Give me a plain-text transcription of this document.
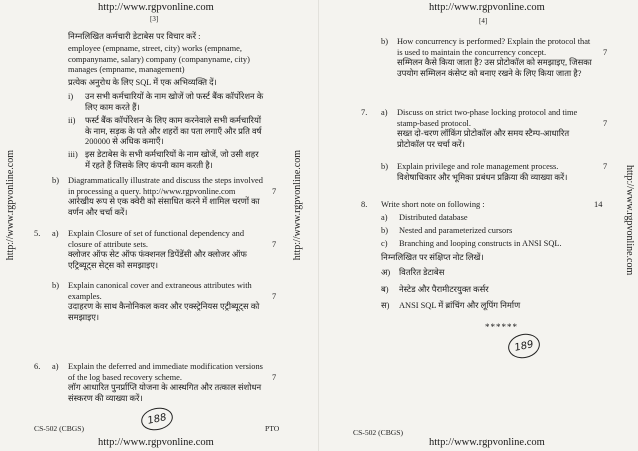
http://www.rgpvonline.com
[3]
http://www.rgpvonline.com
निम्नलिखित कर्मचारी डेटाबेस पर विचार करें :
employee (empname, street, city) works (empname,
companyname, salary) company (companyname, city)
manages (empname, management)
प्रत्येक अनुरोध के लिए SQL में एक अभिव्यक्ति दें।
i) उन सभी कर्मचारियों के नाम खोजें जो फर्स्ट बैंक कॉर्पोरेशन के
लिए काम करते हैं।
ii) फर्स्ट बैंक कॉर्पोरेशन के लिए काम करनेवाले सभी कर्मचारियों
के नाम, सड़क के पते और शहरों का पता लगाएँ और प्रति वर्ष
200000 से अधिक कमाएँ।
iii) इस डेटाबेस के सभी कर्मचारियों के नाम खोजें, जो उसी शहर
में रहते हैं जिसके लिए कंपनी काम करती है।
b) Diagrammatically illustrate and discuss the steps involved
in processing a query. http://www.rgpvonline.com
आरेखीय रूप से एक क्वेरी को संसाधित करने में शामिल चरणों का
वर्णन और चर्चा करें।
7
5. a) Explain Closure of set of functional dependency and
closure of attribute sets.
क्लोजर ऑफ सेट ऑफ फंक्शनल डिपेंडेंसी और क्लोजर ऑफ
एट्रिब्यूट्स सेट्स को समझाइए।
7
b) Explain canonical cover and extraneous attributes with
examples.
उदाहरण के साथ कैनोनिकल कवर और एक्स्ट्रेनियस एट्रीब्यूट्स को
समझाइए।
7
6. a) Explain the deferred and immediate modification versions
of the log based recovery scheme.
लॉग आधारित पुनर्प्राप्ति योजना के आस्थगित और तत्काल संशोधन
संस्करण की व्याख्या करें।
7
188
CS-502 (CBGS)	PTO
http://www.rgpvonline.com
http://www.rgpvonline.com
[4]
http://www.rgpvonline.com	http://www.rgpvonline.com
b) How concurrency is performed? Explain the protocol that
is used to maintain the concurrency concept.
सम्मिलन कैसे किया जाता है? उस प्रोटोकॉल को समझाइए, जिसका
उपयोग सम्मिलन कंसेप्ट को बनाए रखने के लिए किया जाता है?
7
7. a) Discuss on strict two-phase locking protocol and time
stamp-based protocol.
सख्त दो-चरण लॉकिंग प्रोटोकॉल और समय स्टैम्प-आधारित
प्रोटोकॉल पर चर्चा करें।
7
b) Explain privilege and role management process.
विशेषाधिकार और भूमिका प्रबंधन प्रक्रिया की व्याख्या करें।
7
8. Write short note on following :	14
a) Distributed database
b) Nested and parameterized cursors
c) Branching and looping constructs in ANSI SQL.
निम्नलिखित पर संक्षिप्त नोट लिखें।
अ) वितरित डेटाबेस
ब) नेस्टेड और पैरामीटरयुक्त कर्सर
स) ANSI SQL में ब्रांचिंग और लूपिंग निर्माण
******
189
CS-502 (CBGS)
http://www.rgpvonline.com
